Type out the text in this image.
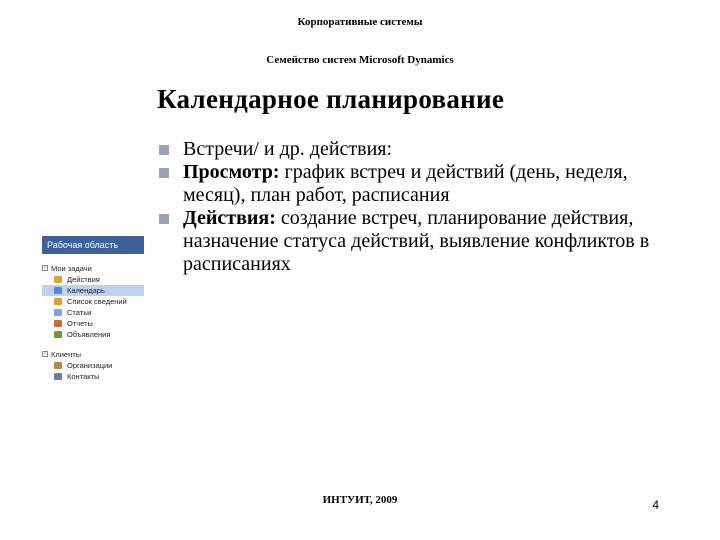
Корпоративные системы
Семейство систем Microsoft Dynamics
Календарное планирование
Встречи/ и др. действия:
Просмотр: график встреч и действий (день, неделя, месяц), план работ, расписания
Действия: создание встреч, планирование действия, назначение статуса действий, выявление конфликтов в расписаниях
Рабочая область
− Мои задачи
Действия
Календарь
Список сведений
Статьи
Отчеты
Объявления
− Клиенты
Организации
Контакты
ИНТУИТ, 2009	4
